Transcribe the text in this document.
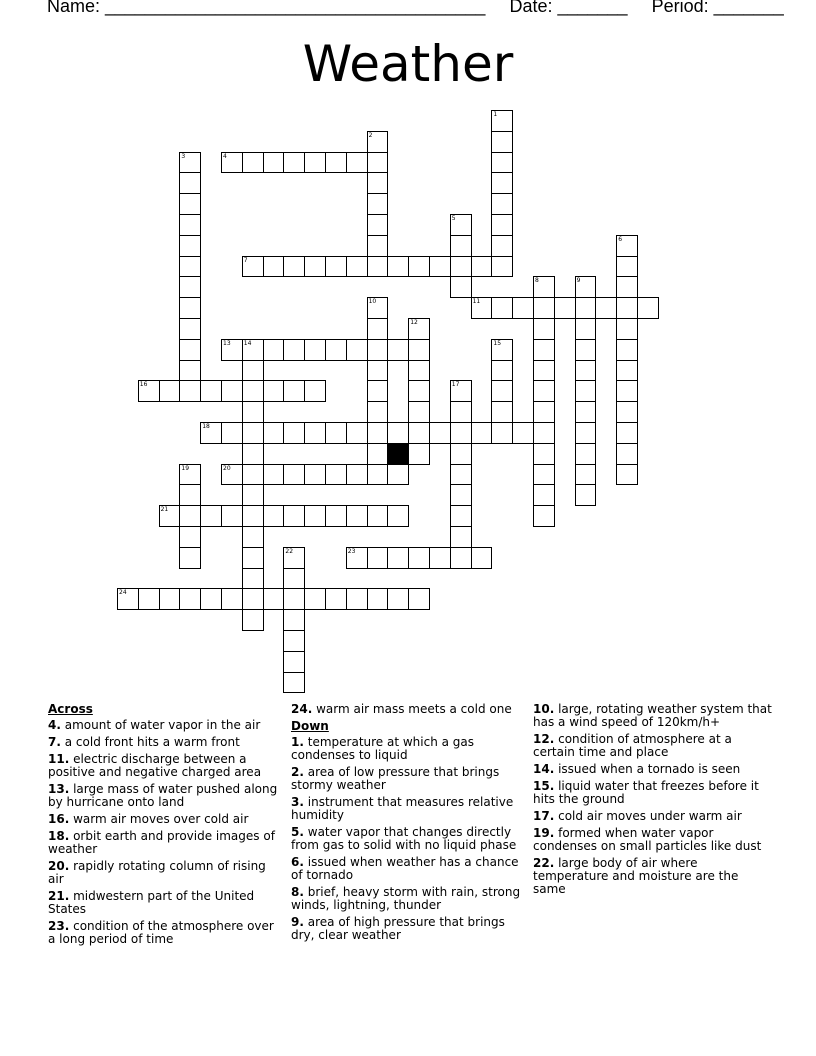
Name: ______________________________________ Date: _______ Period: _______
Weather
1
2
3	4
5
6
7
8	9
10	11
12
13 14	15
16	17
18
19	20
21
22	23
24
Across
4. amount of water vapor in the air
7. a cold front hits a warm front
11. electric discharge between a positive and negative charged area
13. large mass of water pushed along by hurricane onto land
16. warm air moves over cold air
18. orbit earth and provide images of weather
20. rapidly rotating column of rising air
21. midwestern part of the United States
23. condition of the atmosphere over a long period of time
24. warm air mass meets a cold one
Down
1. temperature at which a gas condenses to liquid
2. area of low pressure that brings stormy weather
3. instrument that measures relative humidity
5. water vapor that changes directly from gas to solid with no liquid phase
6. issued when weather has a chance of tornado
8. brief, heavy storm with rain, strong winds, lightning, thunder
9. area of high pressure that brings dry, clear weather
10. large, rotating weather system that has a wind speed of 120km/h+
12. condition of atmosphere at a certain time and place
14. issued when a tornado is seen
15. liquid water that freezes before it hits the ground
17. cold air moves under warm air
19. formed when water vapor condenses on small particles like dust
22. large body of air where temperature and moisture are the same
